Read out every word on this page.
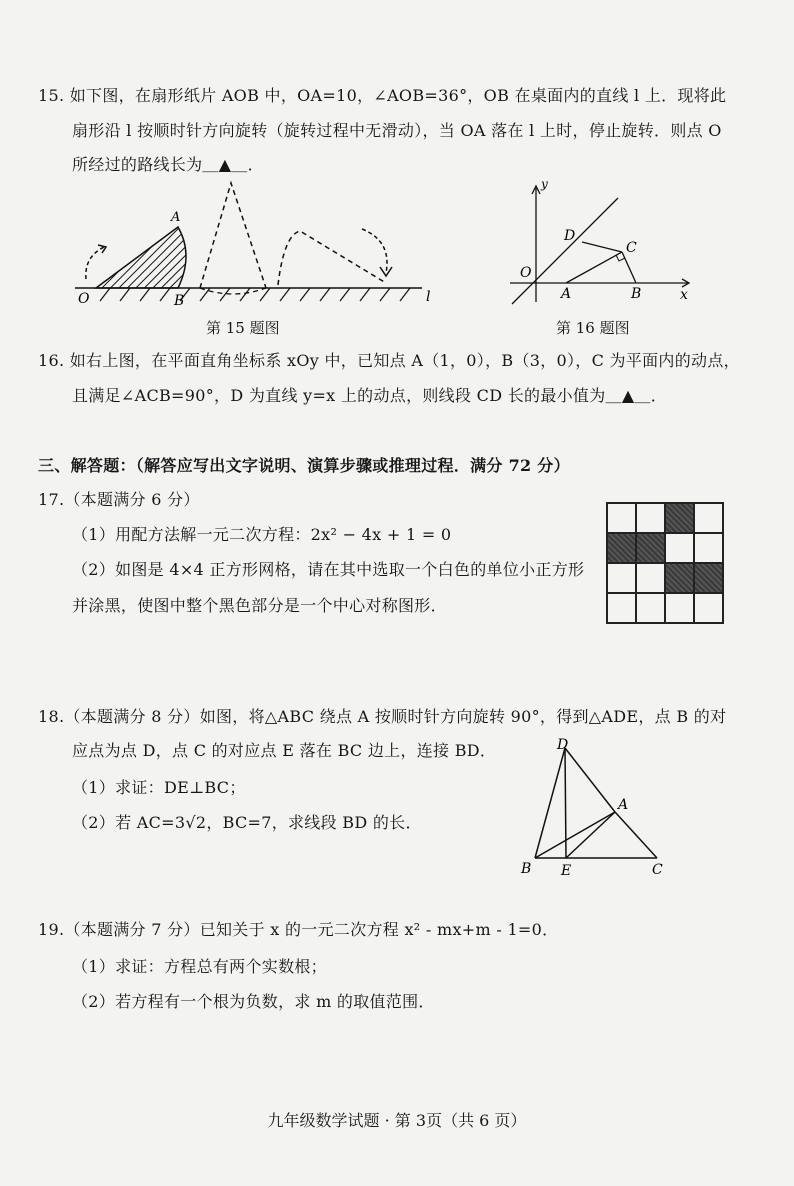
15. 如下图，在扇形纸片 AOB 中，OA=10，∠AOB=36°，OB 在桌面内的直线 l 上．现将此
扇形沿 l 按顺时针方向旋转（旋转过程中无滑动），当 OA 落在 l 上时，停止旋转．则点 O
所经过的路线长为＿▲＿．
A
O	B	l
第 15 题图
y
x
O
A	B
C
D
第 16 题图
16. 如右上图，在平面直角坐标系 xOy 中，已知点 A（1，0），B（3，0），C 为平面内的动点，
且满足∠ACB=90°，D 为直线 y=x 上的动点，则线段 CD 长的最小值为＿▲＿．
三、解答题：（解答应写出文字说明、演算步骤或推理过程．满分 72 分）
17.（本题满分 6 分）
（1）用配方法解一元二次方程：2x² − 4x + 1 = 0
（2）如图是 4×4 正方形网格，请在其中选取一个白色的单位小正方形
并涂黑，使图中整个黑色部分是一个中心对称图形．
18.（本题满分 8 分）如图，将△ABC 绕点 A 按顺时针方向旋转 90°，得到△ADE，点 B 的对
应点为点 D，点 C 的对应点 E 落在 BC 边上，连接 BD．
（1）求证：DE⊥BC；
（2）若 AC=3√2，BC=7，求线段 BD 的长．
D
A
B E	C
19.（本题满分 7 分）已知关于 x 的一元二次方程 x² - mx+m - 1=0．
（1）求证：方程总有两个实数根；
（2）若方程有一个根为负数，求 m 的取值范围．
九年级数学试题 · 第 3页（共 6 页）
